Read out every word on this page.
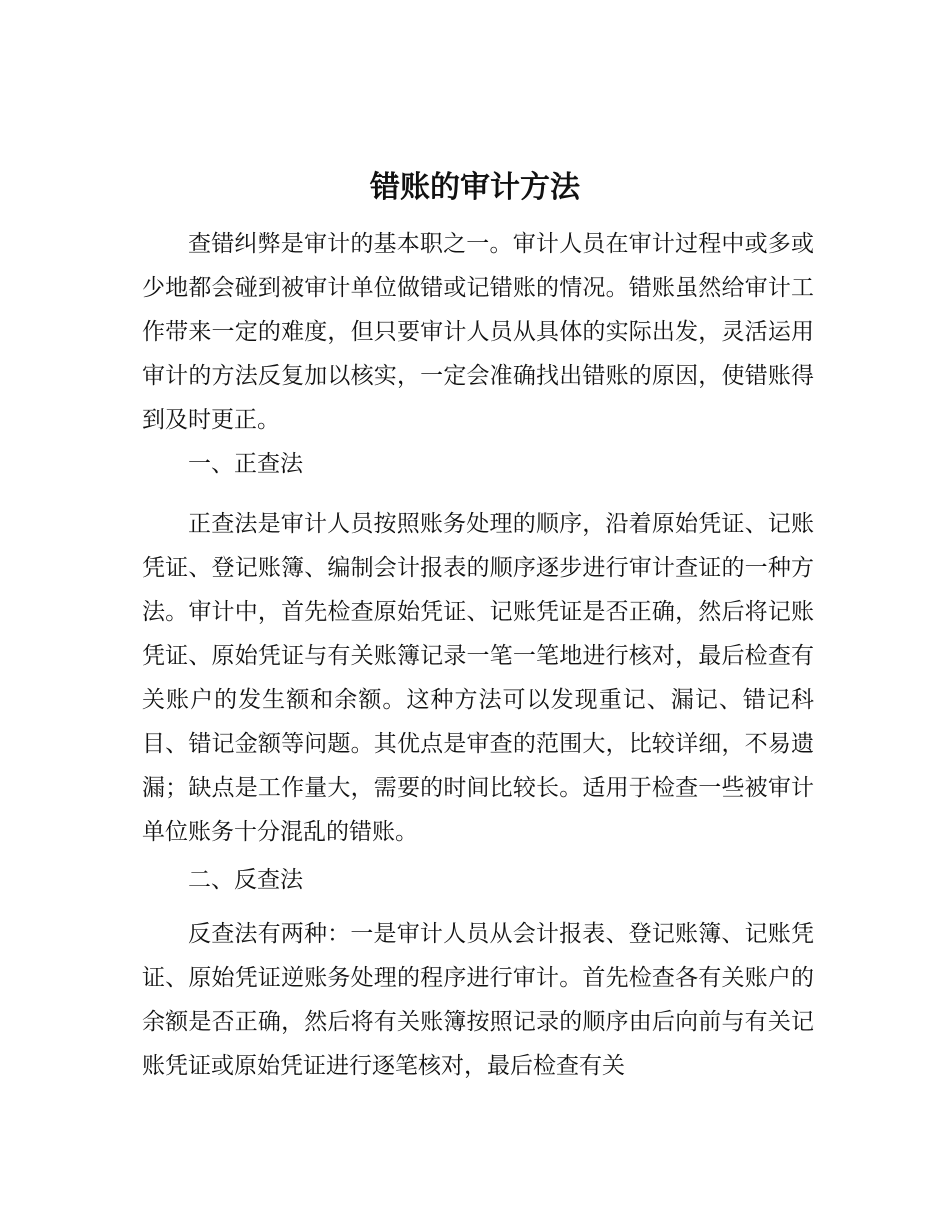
错账的审计方法

查错纠弊是审计的基本职之一。审计人员在审计过程中或多或少地都会碰到被审计单位做错或记错账的情况。错账虽然给审计工作带来一定的难度，但只要审计人员从具体的实际出发，灵活运用审计的方法反复加以核实，一定会准确找出错账的原因，使错账得到及时更正。

一、正查法

正查法是审计人员按照账务处理的顺序，沿着原始凭证、记账凭证、登记账簿、编制会计报表的顺序逐步进行审计查证的一种方法。审计中，首先检查原始凭证、记账凭证是否正确，然后将记账凭证、原始凭证与有关账簿记录一笔一笔地进行核对，最后检查有关账户的发生额和余额。这种方法可以发现重记、漏记、错记科目、错记金额等问题。其优点是审查的范围大，比较详细，不易遗漏；缺点是工作量大，需要的时间比较长。适用于检查一些被审计单位账务十分混乱的错账。

二、反查法

反查法有两种：一是审计人员从会计报表、登记账簿、记账凭证、原始凭证逆账务处理的程序进行审计。首先检查各有关账户的余额是否正确，然后将有关账簿按照记录的顺序由后向前与有关记账凭证或原始凭证进行逐笔核对，最后检查有关
